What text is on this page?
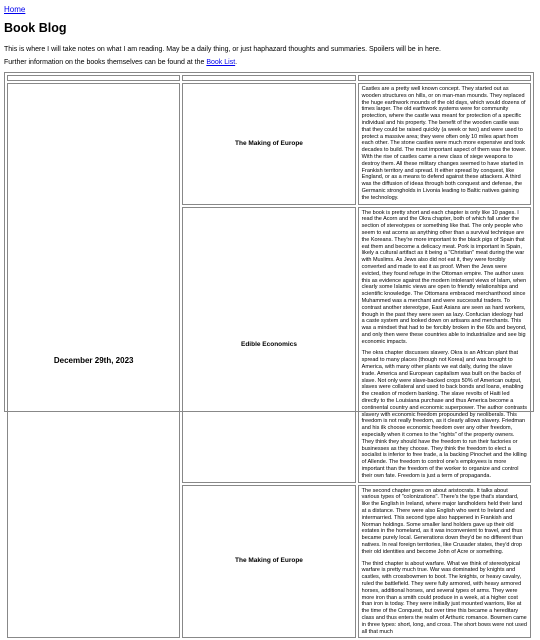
Home
Book Blog

This is where I will take notes on what I am reading. May be a daily thing, or just haphazard thoughts and summaries. Spoilers will be in here.

Further information on the books themselves can be found at the Book List.

December 29th, 2023	The Making of Europe	Castles are a pretty well known concept. They started out as wooden structures on hills, or on man-man mounds. They replaced the huge earthwork mounds of the old days, which would dozens of times larger. The old earthwork systems were for community protection, where the castle was meant for protection of a specific individual and his property. The benefit of the wooden castle was that they could be raised quickly (a week or two) and were used to protect a massive area; they were often only 10 miles apart from each other. The stone castles were much more expensive and took decades to build. The most important aspect of them was the tower. With the rise of castles came a new class of siege weapons to destroy them. All these military changes seemed to have started in Frankish territory and spread. It either spread by conquest, like England, or as a means to defend against these attackers. A third was the diffusion of ideas through both conquest and defense, the Germanic strongholds in Livonia leading to Baltic natives gaining the technology.

	Edible Economics	The book is pretty short and each chapter is only like 10 pages. I read the Acorn and the Okra chapter, both of which fall under the section of stereotypes or something like that. The only people who seem to eat acorns as anything other than a survival technique are the Koreans. They're more important to the black pigs of Spain that eat them and become a delicacy meat. Pork is important in Spain, likely a cultural artifact as it being a "Christian" meat during the war with Muslims. As Jews also did not eat it, they were forcibly converted and made to eat it as proof. When the Jews were evicted, they found refuge in the Ottoman empire. The author uses this as evidence against the modern intolerant views of Islam, when clearly some Islamic views are open to friendly relationships and scientific knowledge. The Ottomans embraced merchanthood since Muhammed was a merchant and were successful traders. To contrast another stereotype, East Asians are seen as hard workers, though in the past they were seen as lazy. Confucian ideology had a caste system and looked down on artisans and merchants. This was a mindset that had to be forcibly broken in the 60s and beyond, and only then were these countries able to industrialize and see big economic impacts.

The okra chapter discusses slavery. Okra is an African plant that spread to many places (though not Korea) and was brought to America, with many other plants we eat daily, during the slave trade. America and European capitalism was built on the backs of slave. Not only were slave-backed crops 50% of American output, slaves were collateral and used to back bonds and loans, enabling the creation of modern banking. The slave revolts of Haiti led directly to the Louisiana purchase and thus America become a continental country and economic superpower. The author contrasts slavery with economic freedom propounded by neoliberals. This freedom is not really freedom, as it clearly allows slavery. Friedman and his ilk choose economic freedom over any other freedom, especially when it comes to the "rights" of the property owners. They think they should have the freedom to run their factories or businesses as they choose. They think the freedom to elect a socialist is inferior to free trade, a la backing Pinochet and the killing of Allende. The freedom to control one's employees is more important than the freedom of the worker to organize and control their own fate. Freedom is just a term of propaganda.

	The Making of Europe	The second chapter goes on about aristocrats. It talks about various types of "colonizations". There's the type that's standard, like the English in Ireland, where major landholders held their land at a distance. There were also English who went to Ireland and intermarried. This second type also happened in Frankish and Norman holdings. Some smaller land holders gave up their old estates in the homeland, as it was inconvenient to travel, and thus became purely local. Generations down they'd be no different than natives. In real foreign territories, like Crusader states, they'd drop their old identities and become John of Acre or something.

The third chapter is about warfare. What we think of stereotypical warfare is pretty much true. War was dominated by knights and castles, with crossbowmen to boot. The knights, or heavy cavalry, ruled the battlefield. They were fully armored, with heavy armored horses, additional horses, and several types of arms. They were more iron than a smith could produce in a week, at a higher cost than iron is today. They were initially just mounted warriors, like at the time of the Conquest, but over time this became a hereditary class and thus enters the realm of Arthuric romance. Bowmen came in three types: short, long, and cross. The short bows were not used all that much
